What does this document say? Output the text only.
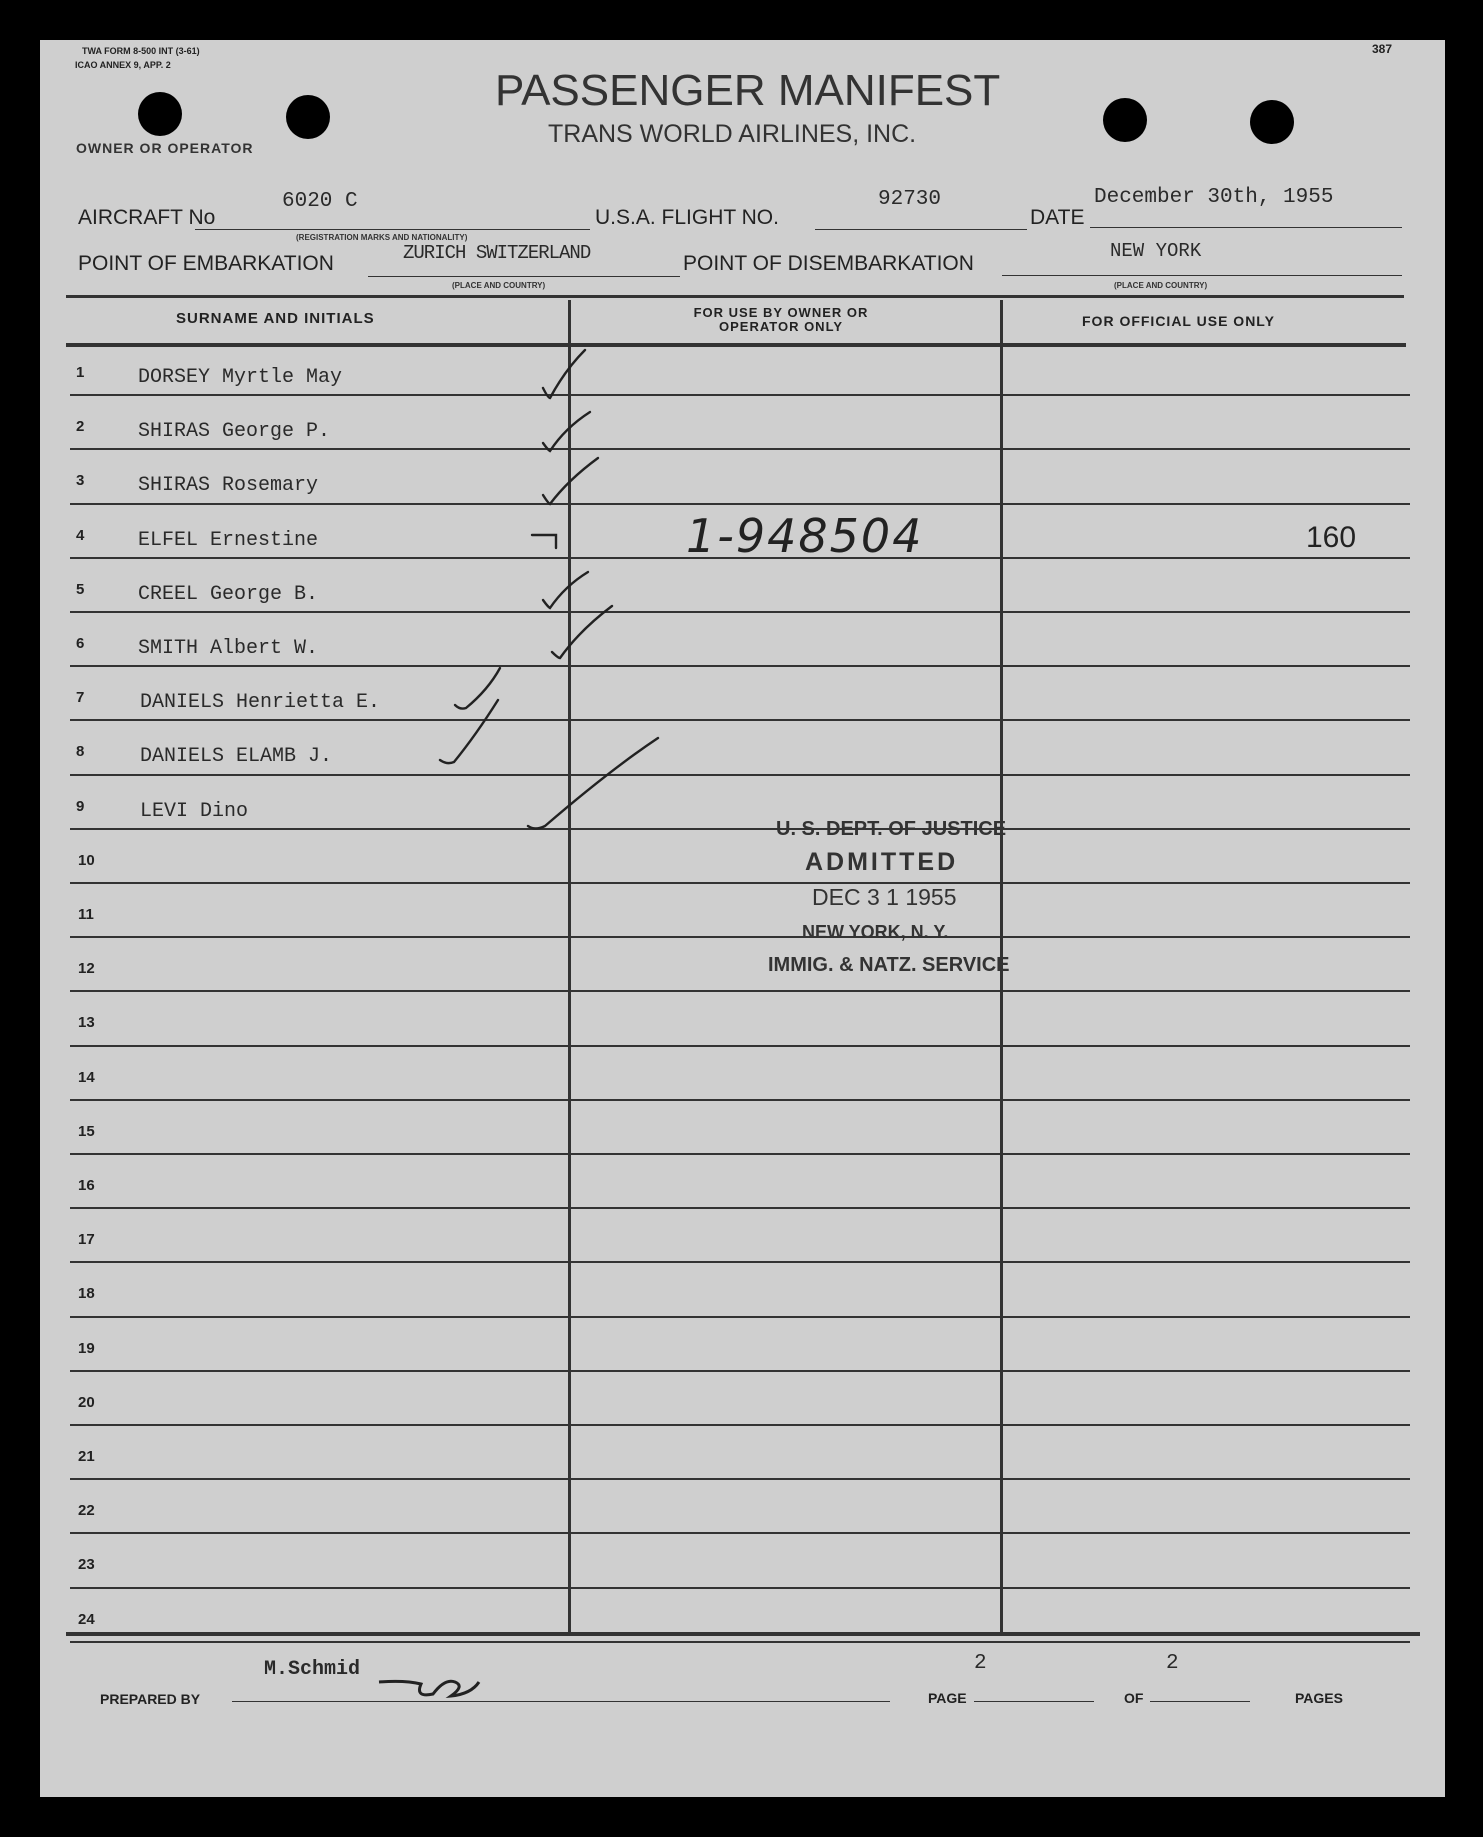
TWA FORM 8-500 INT (3-61)
ICAO ANNEX 9, APP. 2
387
PASSENGER MANIFEST
TRANS WORLD AIRLINES, INC.
OWNER OR OPERATOR
AIRCRAFT No
6020 C
(REGISTRATION MARKS AND NATIONALITY)
U.S.A. FLIGHT NO.
92730
DATE
December 30th, 1955
POINT OF EMBARKATION	ZURICH SWITZERLAND
(PLACE AND COUNTRY)
POINT OF DISEMBARKATION
NEW YORK
(PLACE AND COUNTRY)
SURNAME AND INITIALS	FOR USE BY OWNER OR OPERATOR ONLY	FOR OFFICIAL USE ONLY
1	DORSEY Myrtle May
2	SHIRAS George P.
3	SHIRAS Rosemary
4	ELFEL Ernestine	1-948504	160
5	CREEL George B.
6	SMITH Albert W.
7	DANIELS Henrietta E.
8	DANIELS ELAMB J.
9	LEVI Dino
10
11
12
13
14
15
16
17
18
19
20
21
22
23
24
U. S. DEPT. OF JUSTICE
ADMITTED
DEC 3 1 1955
NEW YORK, N. Y.
IMMIG. & NATZ. SERVICE
M.Schmid
PREPARED BY
2
PAGE
2
OF	PAGES
